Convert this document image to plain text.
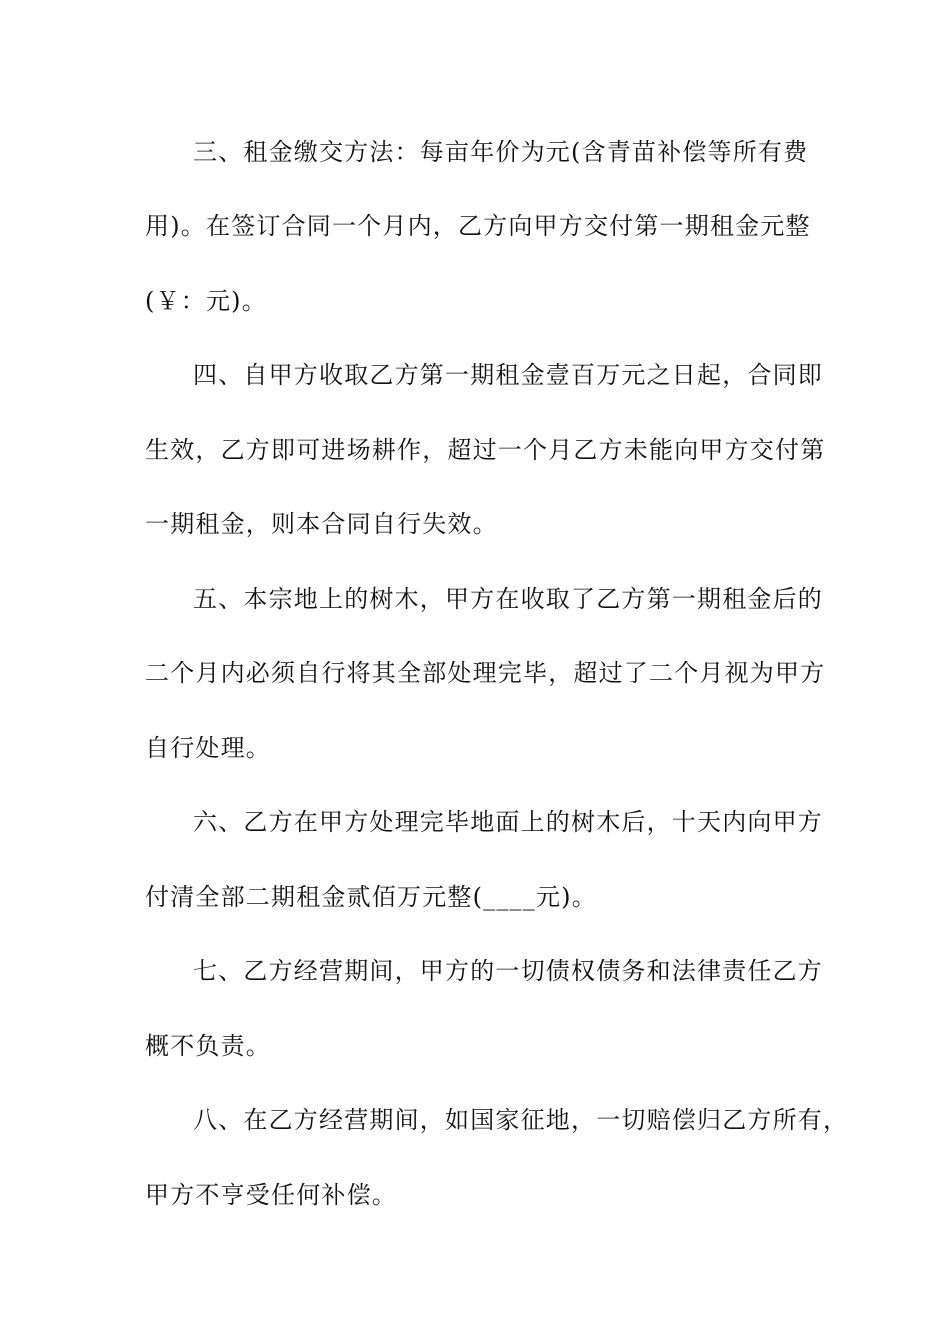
三、租金缴交方法：每亩年价为元(含青苗补偿等所有费

用)。在签订合同一个月内，乙方向甲方交付第一期租金元整

(￥：元)。

四、自甲方收取乙方第一期租金壹百万元之日起，合同即

生效，乙方即可进场耕作，超过一个月乙方未能向甲方交付第

一期租金，则本合同自行失效。

五、本宗地上的树木，甲方在收取了乙方第一期租金后的

二个月内必须自行将其全部处理完毕，超过了二个月视为甲方

自行处理。

六、乙方在甲方处理完毕地面上的树木后，十天内向甲方

付清全部二期租金贰佰万元整(____元)。

七、乙方经营期间，甲方的一切债权债务和法律责任乙方

概不负责。

八、在乙方经营期间，如国家征地，一切赔偿归乙方所有，

甲方不亨受任何补偿。
